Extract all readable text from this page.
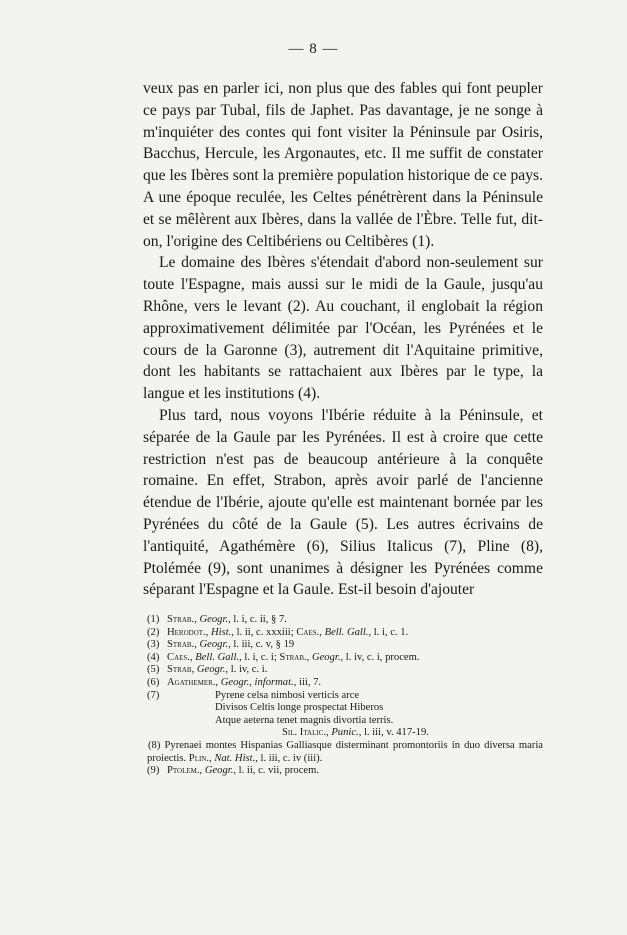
— 8 —

veux pas en parler ici, non plus que des fables qui font peupler ce pays par Tubal, fils de Japhet. Pas davantage, je ne songe à m'inquiéter des contes qui font visiter la Péninsule par Osiris, Bacchus, Hercule, les Argonautes, etc. Il me suffit de constater que les Ibères sont la première population historique de ce pays. A une époque reculée, les Celtes pénétrèrent dans la Péninsule et se mêlèrent aux Ibères, dans la vallée de l'Èbre. Telle fut, dit-on, l'origine des Celtibériens ou Celtibères (1).

Le domaine des Ibères s'étendait d'abord non-seulement sur toute l'Espagne, mais aussi sur le midi de la Gaule, jusqu'au Rhône, vers le levant (2). Au couchant, il englobait la région approximativement délimitée par l'Océan, les Pyrénées et le cours de la Garonne (3), autrement dit l'Aquitaine primitive, dont les habitants se rattachaient aux Ibères par le type, la langue et les institutions (4).

Plus tard, nous voyons l'Ibérie réduite à la Péninsule, et séparée de la Gaule par les Pyrénées. Il est à croire que cette restriction n'est pas de beaucoup antérieure à la conquête romaine. En effet, Strabon, après avoir parlé de l'ancienne étendue de l'Ibérie, ajoute qu'elle est maintenant bornée par les Pyrénées du côté de la Gaule (5). Les autres écrivains de l'antiquité, Agathémère (6), Silius Italicus (7), Pline (8), Ptolémée (9), sont unanimes à désigner les Pyrénées comme séparant l'Espagne et la Gaule. Est-il besoin d'ajouter

(1) Strab., Geogr., l. i, c. ii, § 7.

(2) Herodot., Hist., l. ii, c. xxxiii; Caes., Bell. Gall., l. i, c. 1.

(3) Strab., Geogr., l. iii, c. v, § 19

(4) Caes., Bell. Gall., l. i, c. i; Strab., Geogr., l. iv, c. i, procem.

(5) Strab, Geogr., l. iv, c. i.

(6) Agathemer., Geogr., informat., iii, 7.

(7)	Pyrene celsa nimbosi verticis arce

Divisos Celtis longe prospectat Hiberos

Atque aeterna tenet magnis divortia terris.

Sil. Italic., Punic., l. iii, v. 417-19.

(8) Pyrenaei montes Hispanias Galliasque disterminant promontoriis in duo diversa maria proiectis. Plin., Nat. Hist., l. iii, c. iv (iii).

(9) Ptolem., Geogr., l. ii, c. vii, procem.
